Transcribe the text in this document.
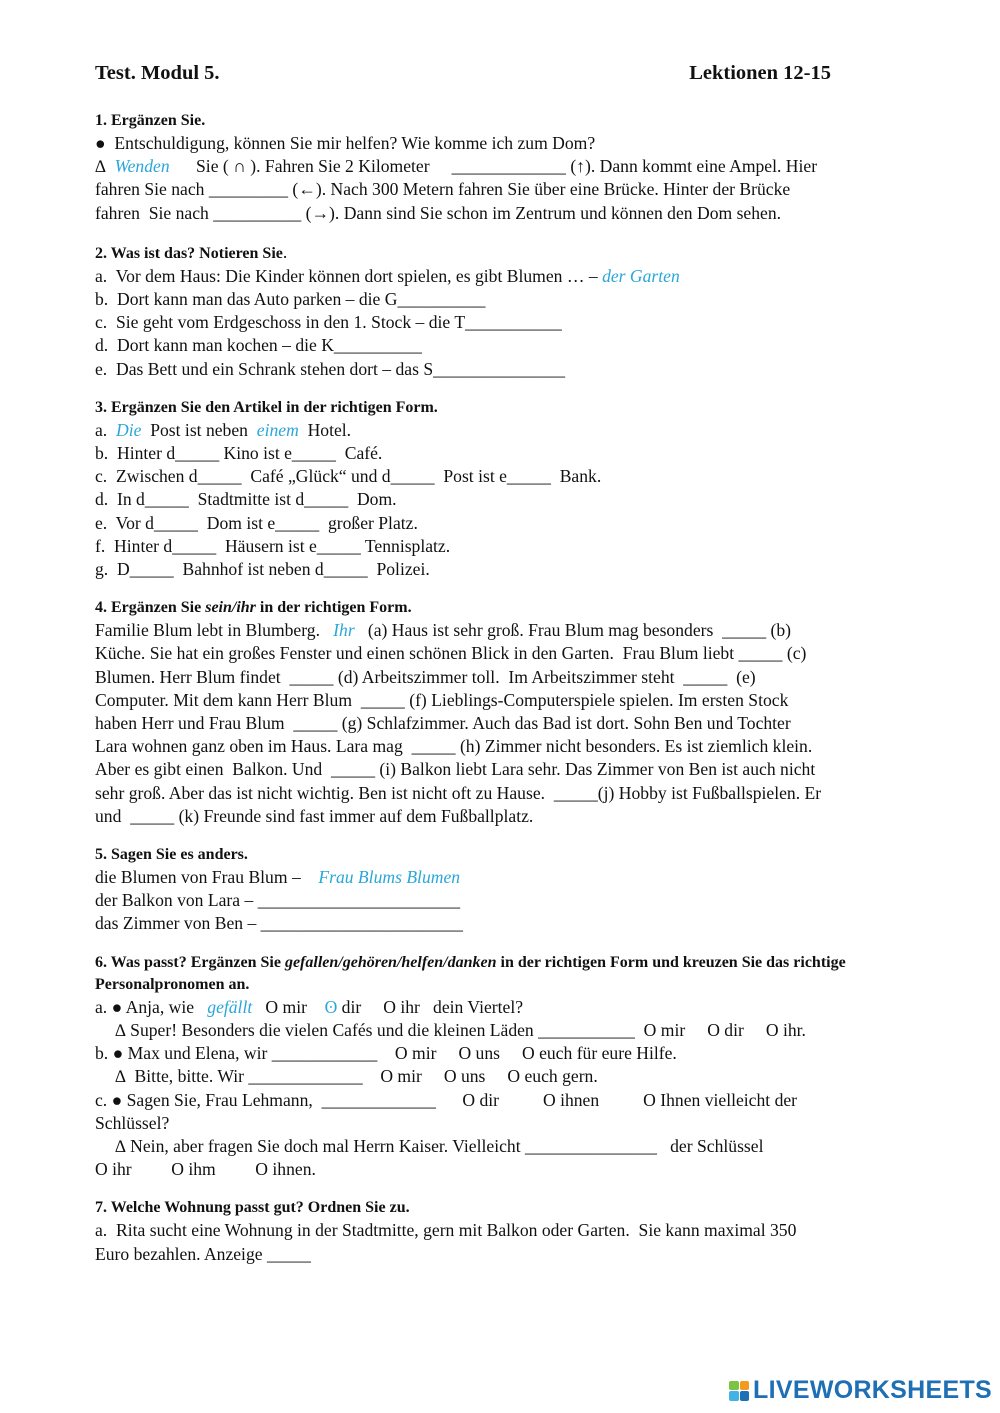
Test. Modul 5.	Lektionen 12-15
1. Ergänzen Sie.
●  Entschuldigung, können Sie mir helfen? Wie komme ich zum Dom?
∆  Wenden      Sie ( ∩ ). Fahren Sie 2 Kilometer     _____________ (↑). Dann kommt eine Ampel. Hier
fahren Sie nach _________ (←). Nach 300 Metern fahren Sie über eine Brücke. Hinter der Brücke
fahren  Sie nach __________ (→). Dann sind Sie schon im Zentrum und können den Dom sehen.
2. Was ist das? Notieren Sie.
a.  Vor dem Haus: Die Kinder können dort spielen, es gibt Blumen … – der Garten
b.  Dort kann man das Auto parken – die G__________
c.  Sie geht vom Erdgeschoss in den 1. Stock – die T___________
d.  Dort kann man kochen – die K__________
e.  Das Bett und ein Schrank stehen dort – das S_______________
3. Ergänzen Sie den Artikel in der richtigen Form.
a.  Die  Post ist neben  einem  Hotel.
b.  Hinter d_____ Kino ist e_____  Café.
c.  Zwischen d_____  Café „Glück“ und d_____  Post ist e_____  Bank.
d.  In d_____  Stadtmitte ist d_____  Dom.
e.  Vor d_____  Dom ist e_____  großer Platz.
f.  Hinter d_____  Häusern ist e_____ Tennisplatz.
g.  D_____  Bahnhof ist neben d_____  Polizei.
4. Ergänzen Sie sein/ihr in der richtigen Form.
Familie Blum lebt in Blumberg.   Ihr   (a) Haus ist sehr groß. Frau Blum mag besonders  _____ (b)
Küche. Sie hat ein großes Fenster und einen schönen Blick in den Garten.  Frau Blum liebt _____ (c)
Blumen. Herr Blum findet  _____ (d) Arbeitszimmer toll.  Im Arbeitszimmer steht  _____  (e)
Computer. Mit dem kann Herr Blum  _____ (f) Lieblings-Computerspiele spielen. Im ersten Stock
haben Herr und Frau Blum  _____ (g) Schlafzimmer. Auch das Bad ist dort. Sohn Ben und Tochter
Lara wohnen ganz oben im Haus. Lara mag  _____ (h) Zimmer nicht besonders. Es ist ziemlich klein.
Aber es gibt einen  Balkon. Und  _____ (i) Balkon liebt Lara sehr. Das Zimmer von Ben ist auch nicht
sehr groß. Aber das ist nicht wichtig. Ben ist nicht oft zu Hause.  _____(j) Hobby ist Fußballspielen. Er
und  _____ (k) Freunde sind fast immer auf dem Fußballplatz.
5. Sagen Sie es anders.
die Blumen von Frau Blum –    Frau Blums Blumen
der Balkon von Lara – _______________________
das Zimmer von Ben – _______________________
6. Was passt? Ergänzen Sie gefallen/gehören/helfen/danken in der richtigen Form und kreuzen Sie das richtige Personalpronomen an.
a. ● Anja, wie   gefällt   O mir    ʘ dir     O ihr   dein Viertel?
∆ Super! Besonders die vielen Cafés und die kleinen Läden ___________  O mir     O dir     O ihr.
b. ● Max und Elena, wir ____________    O mir     O uns     O euch für eure Hilfe.
∆  Bitte, bitte. Wir _____________    O mir     O uns     O euch gern.
c. ● Sagen Sie, Frau Lehmann,  _____________      O dir          O ihnen          O Ihnen vielleicht der
Schlüssel?
∆ Nein, aber fragen Sie doch mal Herrn Kaiser. Vielleicht _______________   der Schlüssel
O ihr         O ihm         O ihnen.
7. Welche Wohnung passt gut? Ordnen Sie zu.
a.  Rita sucht eine Wohnung in der Stadtmitte, gern mit Balkon oder Garten.  Sie kann maximal 350
Euro bezahlen. Anzeige _____
LIVEWORKSHEETS
